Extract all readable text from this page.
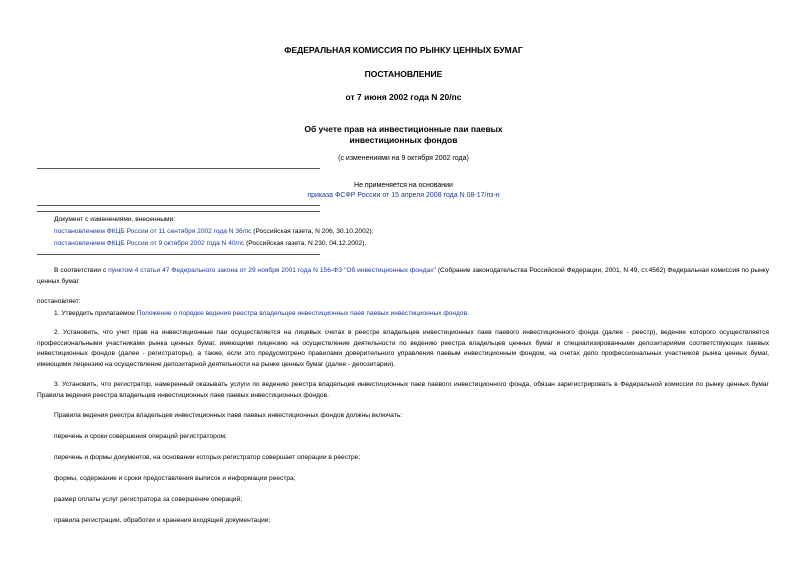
ФЕДЕРАЛЬНАЯ КОМИССИЯ ПО РЫНКУ ЦЕННЫХ БУМАГ
ПОСТАНОВЛЕНИЕ
от 7 июня 2002 года N 20/пс
Об учете прав на инвестиционные паи паевых
инвестиционных фондов
(с изменениями на 9 октября 2002 года)
Не применяется на основании
приказа ФСФР России от 15 апреля 2008 года N 08-17/пз-н
Документ с изменениями, внесенными:
постановлением ФКЦБ России от 11 сентября 2002 года N 36/пс (Российская газета, N 206, 30.10.2002);
постановлением ФКЦБ России от 9 октября 2002 года N 40/пс (Российская газета, N 230, 04.12.2002).
В соответствии с пунктом 4 статьи 47 Федерального закона от 29 ноября 2001 года N 156-ФЗ "Об инвестиционных фондах" (Собрание законодательства Российской Федерации, 2001, N 49, ст.4562) Федеральная комиссия по рынку ценных бумаг
постановляет:
1. Утвердить прилагаемое Положение о порядке ведения реестра владельцев инвестиционных паев паевых инвестиционных фондов.
2. Установить, что учет прав на инвестиционные паи осуществляется на лицевых счетах в реестре владельцев инвестиционных паев паевого инвестиционного фонда (далее - реестр), ведение которого осуществляется профессиональными участниками рынка ценных бумаг, имеющими лицензию на осуществление деятельности по ведению реестра владельцев ценных бумаг и специализированными депозитариями соответствующих паевых инвестиционных фондов (далее - регистраторы), а также, если это предусмотрено правилами доверительного управления паевым инвестиционным фондом, на счетах депо профессиональных участников рынка ценных бумаг, имеющими лицензию на осуществление депозитарной деятельности на рынке ценных бумаг (далее - депозитарии).
3. Установить, что регистратор, намеренный оказывать услуги по ведению реестра владельцев инвестиционных паев паевого инвестиционного фонда, обязан зарегистрировать в Федеральной комиссии по рынку ценных бумаг Правила ведения реестра владельцев инвестиционных паев паевых инвестиционных фондов.
Правила ведения реестра владельцев инвестиционных паев паевых инвестиционных фондов должны включать:
перечень и сроки совершения операций регистратором;
перечень и формы документов, на основании которых регистратор совершает операции в реестре;
формы, содержание и сроки предоставления выписок и информации реестра;
размер оплаты услуг регистратора за совершение операций;
правила регистрации, обработки и хранения входящей документации;
